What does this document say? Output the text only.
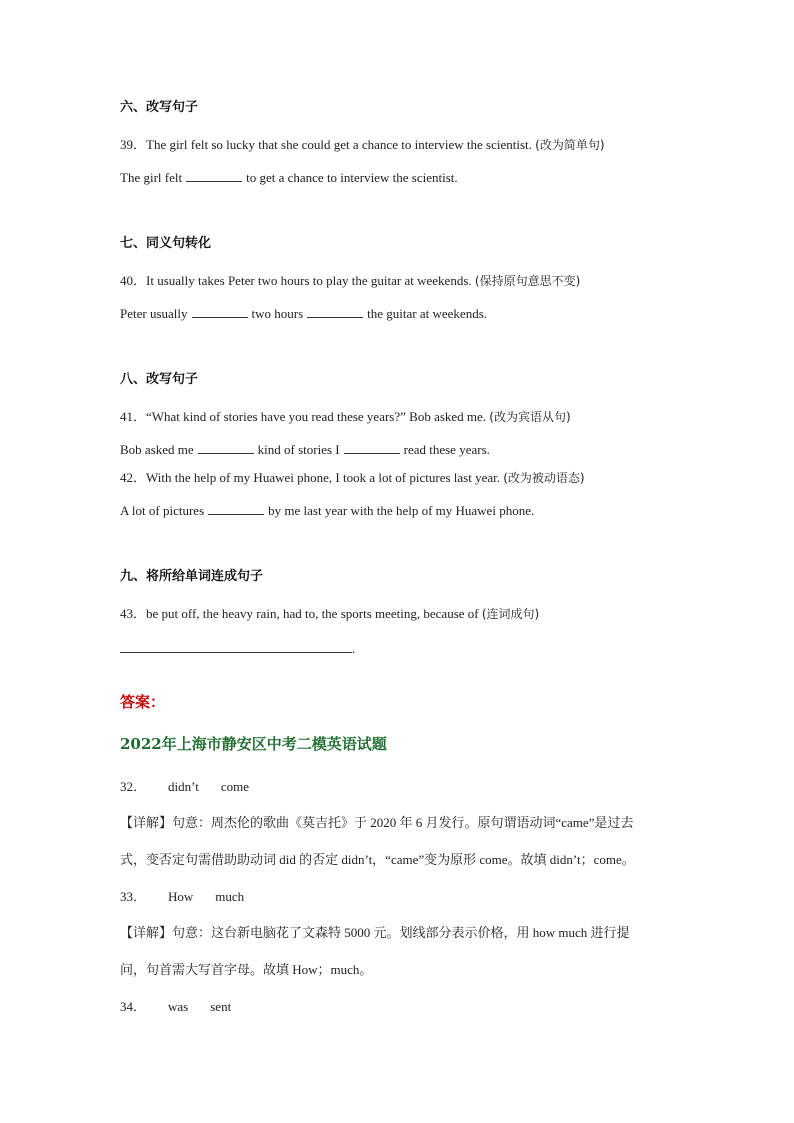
六、改写句子
39．The girl felt so lucky that she could get a chance to interview the scientist. (改为简单句)
The girl felt	to get a chance to interview the scientist.
七、同义句转化
40．It usually takes Peter two hours to play the guitar at weekends. (保持原句意思不变)
Peter usually	two hours	the guitar at weekends.
八、改写句子
41．“What kind of stories have you read these years?” Bob asked me. (改为宾语从句)
Bob asked me	kind of stories I	read these years.
42．With the help of my Huawei phone, I took a lot of pictures last year. (改为被动语态)
A lot of pictures	by me last year with the help of my Huawei phone.
九、将所给单词连成句子
43．be put off, the heavy rain, had to, the sports meeting, because of (连词成句)
.
答案：
2022年上海市静安区中考二模英语试题
32． didn’t come
【详解】句意：周杰伦的歌曲《莫吉托》于 2020 年 6 月发行。原句谓语动词“came”是过去
式，变否定句需借助助动词 did 的否定 didn’t，“came”变为原形 come。故填 didn’t；come。
33． How much
【详解】句意：这台新电脑花了文森特 5000 元。划线部分表示价格，用 how much 进行提
问，句首需大写首字母。故填 How；much。
34． was sent
